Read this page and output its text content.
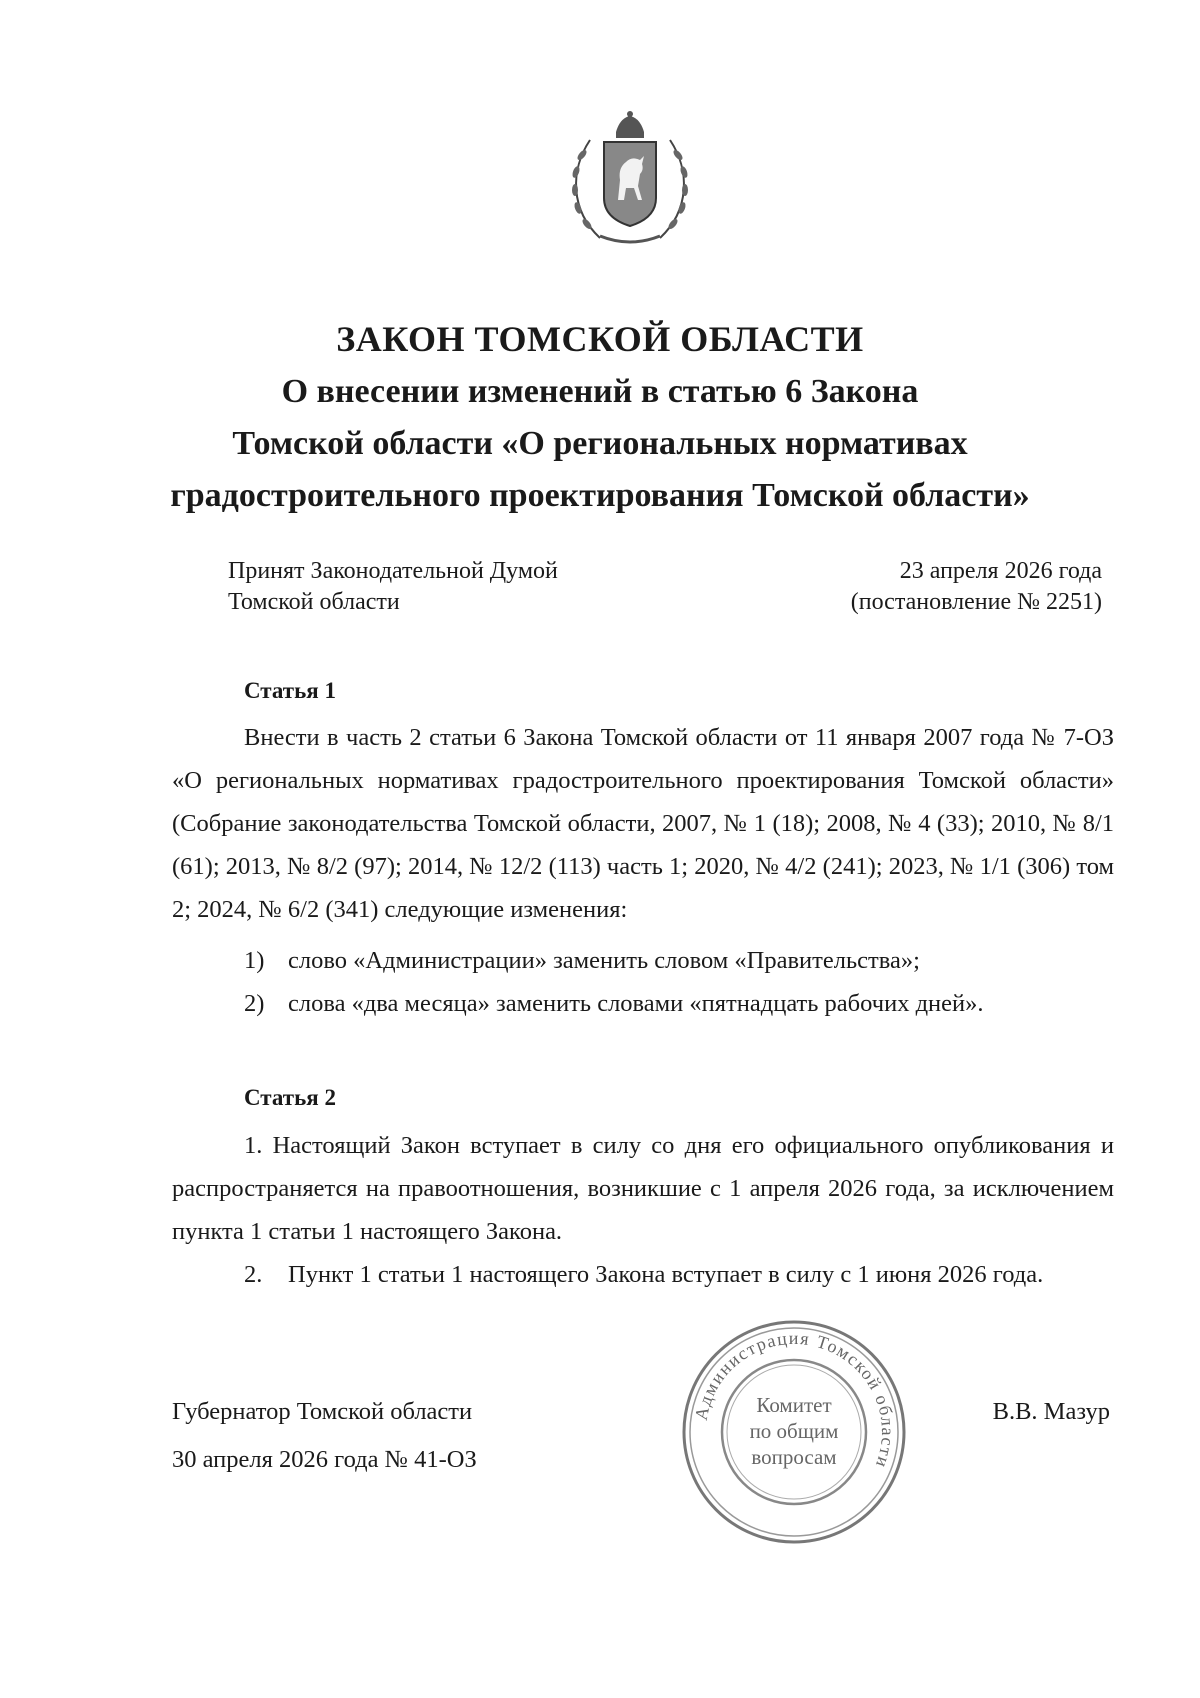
ЗАКОН ТОМСКОЙ ОБЛАСТИ
О внесении изменений в статью 6 Закона
Томской области «О региональных нормативах
градостроительного проектирования Томской области»
Принят Законодательной Думой
Томской области
23 апреля 2026 года
(постановление № 2251)
Статья 1
Внести в часть 2 статьи 6 Закона Томской области от 11 января 2007 года № 7-ОЗ «О региональных нормативах градостроительного проектирования Томской области» (Собрание законодательства Томской области, 2007, № 1 (18); 2008, № 4 (33); 2010, № 8/1 (61); 2013, № 8/2 (97); 2014, № 12/2 (113) часть 1; 2020, № 4/2 (241); 2023, № 1/1 (306) том 2; 2024, № 6/2 (341) следующие изменения:
1) слово «Администрации» заменить словом «Правительства»;
2) слова «два месяца» заменить словами «пятнадцать рабочих дней».
Статья 2
1. Настоящий Закон вступает в силу со дня его официального опубликования и распространяется на правоотношения, возникшие с 1 апреля 2026 года, за исключением пункта 1 статьи 1 настоящего Закона.
2. Пункт 1 статьи 1 настоящего Закона вступает в силу с 1 июня 2026 года.
Губернатор Томской области
30 апреля 2026 года № 41-ОЗ
В.В. Мазур
Администрация Томской области
Комитет
по общим
вопросам
